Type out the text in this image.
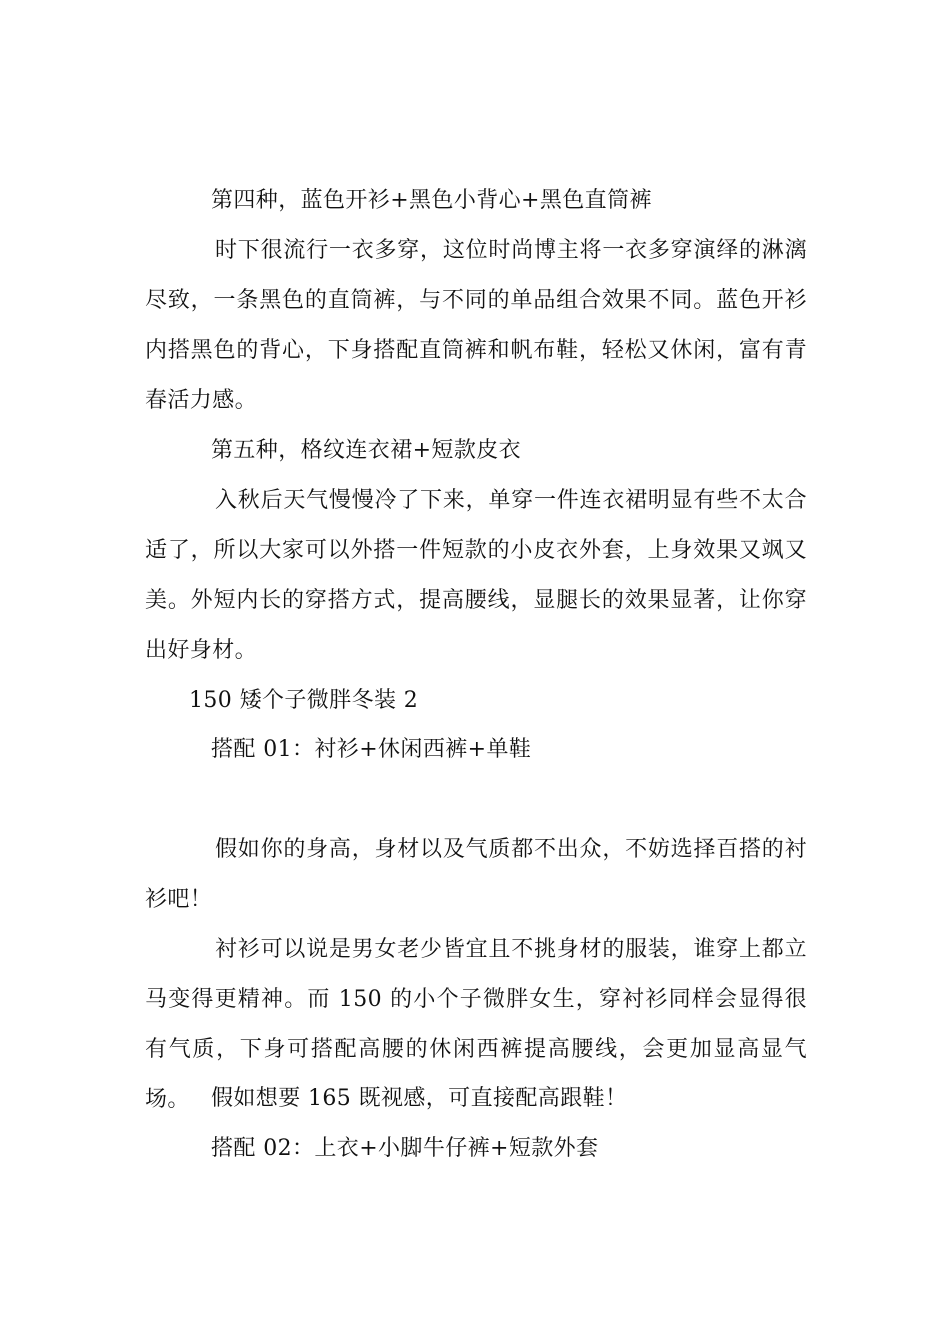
第四种，蓝色开衫+黑色小背心+黑色直筒裤
时下很流行一衣多穿，这位时尚博主将一衣多穿演绎的淋漓尽致，一条黑色的直筒裤，与不同的单品组合效果不同。蓝色开衫内搭黑色的背心，下身搭配直筒裤和帆布鞋，轻松又休闲，富有青春活力感。
第五种，格纹连衣裙+短款皮衣
入秋后天气慢慢冷了下来，单穿一件连衣裙明显有些不太合适了，所以大家可以外搭一件短款的小皮衣外套，上身效果又飒又美。外短内长的穿搭方式，提高腰线，显腿长的效果显著，让你穿出好身材。
150 矮个子微胖冬装 2
搭配 01：衬衫+休闲西裤+单鞋
假如你的身高，身材以及气质都不出众，不妨选择百搭的衬衫吧！
衬衫可以说是男女老少皆宜且不挑身材的服装，谁穿上都立马变得更精神。而 150 的小个子微胖女生，穿衬衫同样会显得很有气质，下身可搭配高腰的休闲西裤提高腰线，会更加显高显气场。 假如想要 165 既视感，可直接配高跟鞋！
搭配 02：上衣+小脚牛仔裤+短款外套
